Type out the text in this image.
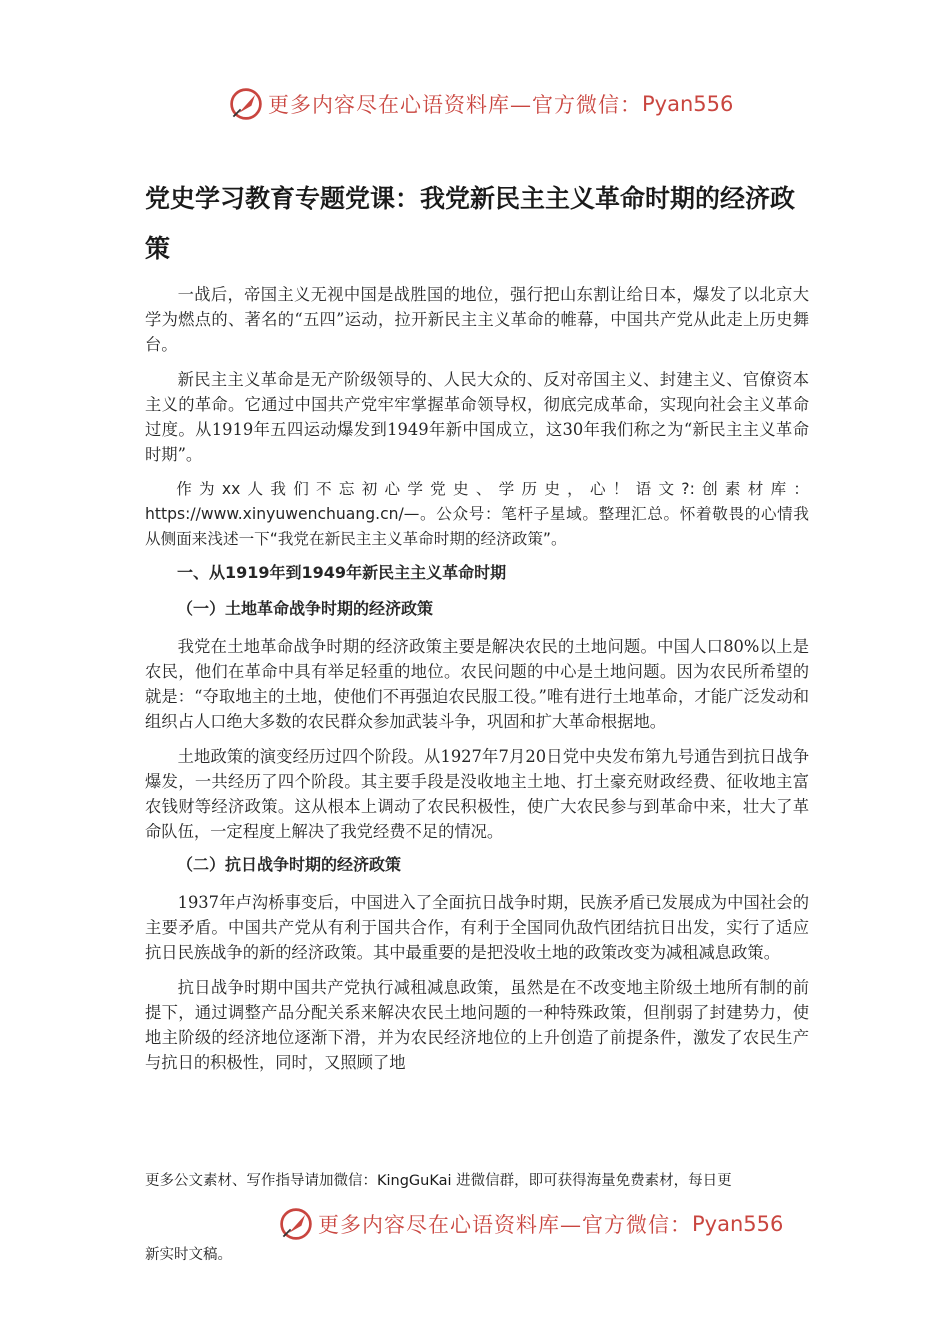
更多内容尽在心语资料库—官方微信： Pyan556
党史学习教育专题党课：我党新民主主义革命时期的经济政策

一战后，帝国主义无视中国是战胜国的地位，强行把山东割让给日本，爆发了以北京大学为燃点的、著名的“五四”运动，拉开新民主主义革命的帷幕，中国共产党从此走上历史舞台。

新民主主义革命是无产阶级领导的、人民大众的、反对帝国主义、封建主义、官僚资本主义的革命。它通过中国共产党牢牢掌握革命领导权，彻底完成革命，实现向社会主义革命过度。从1919年五四运动爆发到1949年新中国成立，这30年我们称之为“新民主主义革命时期”。

作为xx人我们不忘初心学党史、学历史，心！语文?:创素材库：https://www.xinyuwenchuang.cn/—。公众号：笔杆子星域。整理汇总。怀着敬畏的心情我从侧面来浅述一下“我党在新民主主义革命时期的经济政策”。

一、从1919年到1949年新民主主义革命时期

（一）土地革命战争时期的经济政策

我党在土地革命战争时期的经济政策主要是解决农民的土地问题。中国人口80%以上是农民，他们在革命中具有举足轻重的地位。农民问题的中心是土地问题。因为农民所希望的就是：“夺取地主的土地，使他们不再强迫农民服工役。”唯有进行土地革命，才能广泛发动和组织占人口绝大多数的农民群众参加武装斗争，巩固和扩大革命根据地。

土地政策的演变经历过四个阶段。从1927年7月20日党中央发布第九号通告到抗日战争爆发，一共经历了四个阶段。其主要手段是没收地主土地、打土豪充财政经费、征收地主富农钱财等经济政策。这从根本上调动了农民积极性，使广大农民参与到革命中来，壮大了革命队伍，一定程度上解决了我党经费不足的情况。

（二）抗日战争时期的经济政策

1937年卢沟桥事变后，中国进入了全面抗日战争时期，民族矛盾已发展成为中国社会的主要矛盾。中国共产党从有利于国共合作，有利于全国同仇敌忾团结抗日出发，实行了适应抗日民族战争的新的经济政策。其中最重要的是把没收土地的政策改变为减租减息政策。

抗日战争时期中国共产党执行减租减息政策，虽然是在不改变地主阶级土地所有制的前提下，通过调整产品分配关系来解决农民土地问题的一种特殊政策，但削弱了封建势力，使地主阶级的经济地位逐渐下滑，并为农民经济地位的上升创造了前提条件，激发了农民生产与抗日的积极性，同时，又照顾了地

更多公文素材、写作指导请加微信：KingGuKai 进微信群，即可获得海量免费素材，每日更

更多内容尽在心语资料库—官方微信： Pyan556

新实时文稿。
